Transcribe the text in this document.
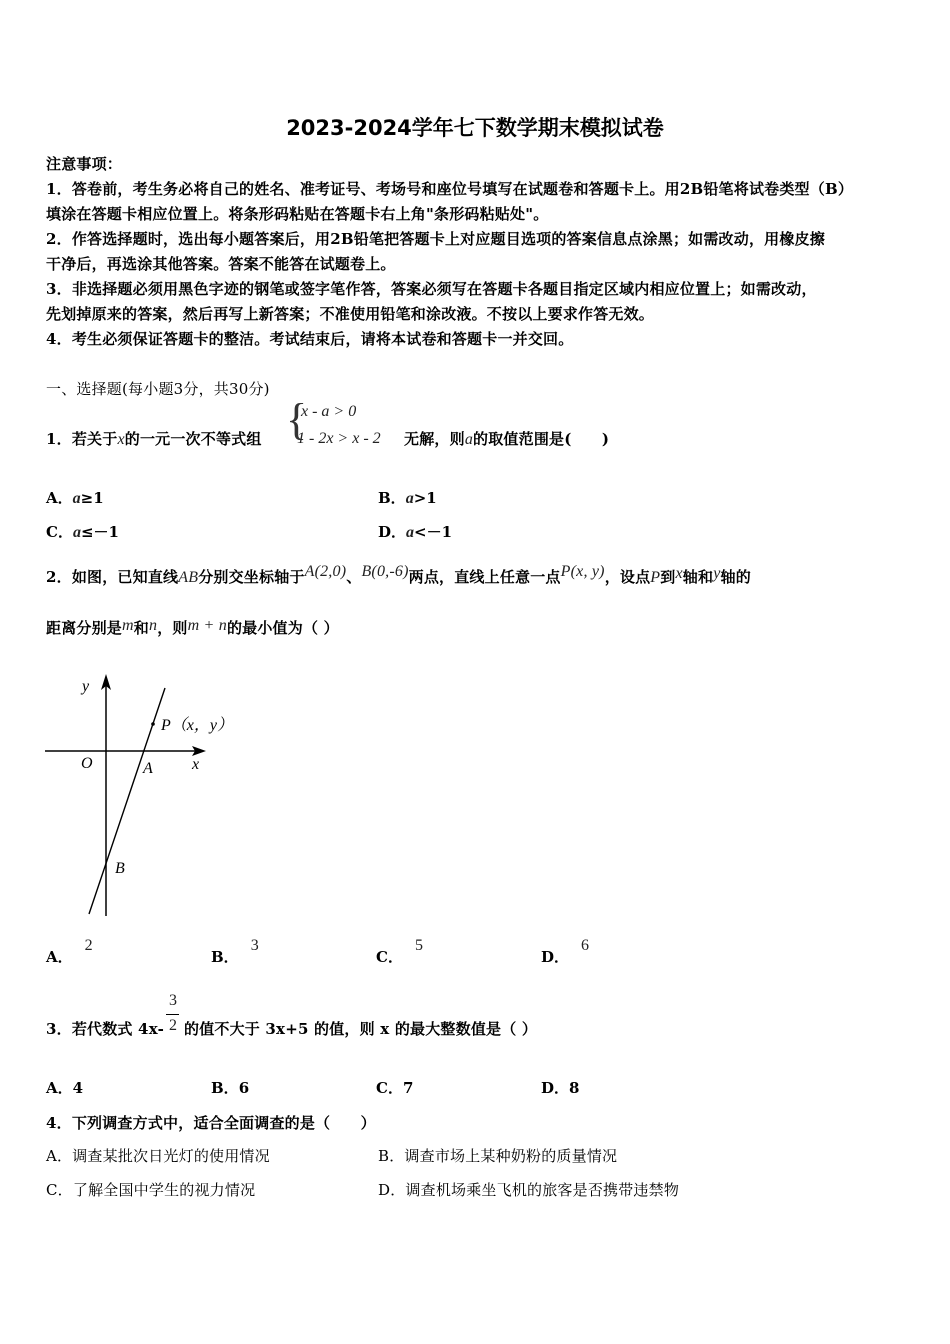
2023-2024学年七下数学期末模拟试卷
注意事项：
1．答卷前，考生务必将自己的姓名、准考证号、考场号和座位号填写在试题卷和答题卡上。用2B铅笔将试卷类型（B）
填涂在答题卡相应位置上。将条形码粘贴在答题卡右上角"条形码粘贴处"。
2．作答选择题时，选出每小题答案后，用2B铅笔把答题卡上对应题目选项的答案信息点涂黑；如需改动，用橡皮擦
干净后，再选涂其他答案。答案不能答在试题卷上。
3．非选择题必须用黑色字迹的钢笔或签字笔作答，答案必须写在答题卡各题目指定区域内相应位置上；如需改动，
先划掉原来的答案，然后再写上新答案；不准使用铅笔和涂改液。不按以上要求作答无效。
4．考生必须保证答题卡的整洁。考试结束后，请将本试卷和答题卡一并交回。
一、选择题(每小题3分，共30分)
1．若关于x的一元一次不等式组 {
x - a > 0
1 - 2x > x - 2 无解，则a的取值范围是(　　)
A．a≥1	B．a>1
C．a≤－1	D．a<－1
2．如图，已知直线AB分别交坐标轴于A(2,0)、B(0,-6)两点，直线上任意一点P(x, y)，设点P到x轴和y轴的
距离分别是m和n，则m + n的最小值为（ ）
y
x
O	A
B
P（x，y）
A．2
B．3
C．5
D．6
3．若代数式 4x-
3
2 的值不大于 3x+5 的值，则 x 的最大整数值是（ ）
A．4	B．6	C．7	D．8
4．下列调查方式中，适合全面调查的是（　　）
A．调查某批次日光灯的使用情况	B．调查市场上某种奶粉的质量情况
C．了解全国中学生的视力情况	D．调查机场乘坐飞机的旅客是否携带违禁物
